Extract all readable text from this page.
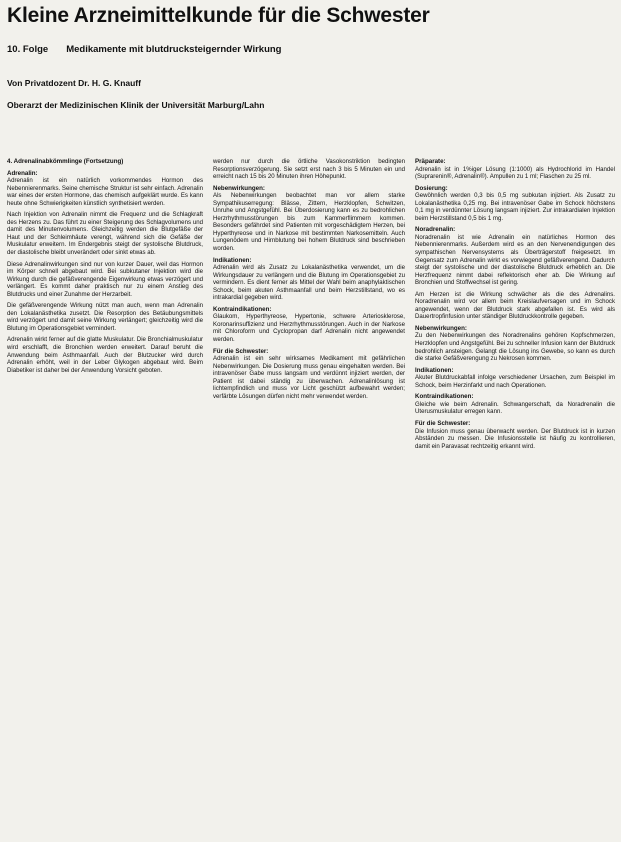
Kleine Arzneimittelkunde für die Schwester
10. Folge Medikamente mit blutdrucksteigernder Wirkung
Von Privatdozent Dr. H. G. Knauff
Oberarzt der Medizinischen Klinik der Universität Marburg/Lahn
4. Adrenalinabkömmlinge (Fortsetzung)
Adrenalin:

Adrenalin ist ein natürlich vorkommendes Hormon des Nebennierenmarks. Seine chemische Struktur ist sehr einfach. Adrenalin war eines der ersten Hormone, das chemisch aufgeklärt wurde. Es kann heute ohne Schwierigkeiten künstlich synthetisiert werden.

Nach Injektion von Adrenalin nimmt die Frequenz und die Schlagkraft des Herzens zu. Das führt zu einer Steigerung des Schlagvolumens und damit des Minutenvolumens. Gleichzeitig werden die Blutgefäße der Haut und der Schleimhäute verengt, während sich die Gefäße der Muskulatur erweitern. Im Endergebnis steigt der systolische Blutdruck, der diastolische bleibt unverändert oder sinkt etwas ab.

Diese Adrenalinwirkungen sind nur von kurzer Dauer, weil das Hormon im Körper schnell abgebaut wird. Bei subkutaner Injektion wird die Wirkung durch die gefäßverengende Eigenwirkung etwas verzögert und verlängert. Es kommt daher praktisch nur zu einem Anstieg des Blutdrucks und einer Zunahme der Herzarbeit.

Die gefäßverengende Wirkung nützt man auch, wenn man Adrenalin den Lokalanästhetika zusetzt. Die Resorption des Betäubungsmittels wird verzögert und damit seine Wirkung verlängert; gleichzeitig wird die Blutung im Operationsgebiet vermindert.

Adrenalin wirkt ferner auf die glatte Muskulatur. Die Bronchialmuskulatur wird erschlafft, die Bronchien werden erweitert. Darauf beruht die Anwendung beim Asthmaanfall. Auch der Blutzucker wird durch Adrenalin erhöht, weil in der Leber Glykogen abgebaut wird. Beim Diabetiker ist daher bei der Anwendung Vorsicht geboten.

werden nur durch die örtliche Vasokonstriktion bedingten Resorptionsverzögerung. Sie setzt erst nach 3 bis 5 Minuten ein und erreicht nach 15 bis 20 Minuten ihren Höhepunkt.

Nebenwirkungen:

Als Nebenwirkungen beobachtet man vor allem starke Sympathikuserregung: Blässe, Zittern, Herzklopfen, Schwitzen, Unruhe und Angstgefühl. Bei Überdosierung kann es zu bedrohlichen Herzrhythmusstörungen bis zum Kammerflimmern kommen. Besonders gefährdet sind Patienten mit vorgeschädigtem Herzen, bei Hyperthyreose und in Narkose mit bestimmten Narkosemitteln. Auch Lungenödem und Hirnblutung bei hohem Blutdruck sind beschrieben worden.

Indikationen:

Adrenalin wird als Zusatz zu Lokalanästhetika verwendet, um die Wirkungsdauer zu verlängern und die Blutung im Operationsgebiet zu vermindern. Es dient ferner als Mittel der Wahl beim anaphylaktischen Schock, beim akuten Asthmaanfall und beim Herzstillstand, wo es intrakardial gegeben wird.

Kontraindikationen:

Glaukom, Hyperthyreose, Hypertonie, schwere Arteriosklerose, Koronarinsuffizienz und Herzrhythmusstörungen. Auch in der Narkose mit Chloroform und Cyclopropan darf Adrenalin nicht angewendet werden.

Für die Schwester:

Adrenalin ist ein sehr wirksames Medikament mit gefährlichen Nebenwirkungen. Die Dosierung muss genau eingehalten werden. Bei intravenöser Gabe muss langsam und verdünnt injiziert werden, der Patient ist dabei ständig zu überwachen. Adrenalinlösung ist lichtempfindlich und muss vor Licht geschützt aufbewahrt werden; verfärbte Lösungen dürfen nicht mehr verwendet werden.

Präparate:

Adrenalin ist in 1%iger Lösung (1:1000) als Hydrochlorid im Handel (Suprarenin®, Adrenalin®). Ampullen zu 1 ml; Flaschen zu 25 ml.

Dosierung:

Gewöhnlich werden 0,3 bis 0,5 mg subkutan injiziert. Als Zusatz zu Lokalanästhetika 0,25 mg. Bei intravenöser Gabe im Schock höchstens 0,1 mg in verdünnter Lösung langsam injiziert. Zur intrakardialen Injektion beim Herzstillstand 0,5 bis 1 mg.

Noradrenalin:

Noradrenalin ist wie Adrenalin ein natürliches Hormon des Nebennierenmarks. Außerdem wird es an den Nervenendigungen des sympathischen Nervensystems als Überträgerstoff freigesetzt. Im Gegensatz zum Adrenalin wirkt es vorwiegend gefäßverengend. Dadurch steigt der systolische und der diastolische Blutdruck erheblich an. Die Herzfrequenz nimmt dabei reflektorisch eher ab. Die Wirkung auf Bronchien und Stoffwechsel ist gering.

Am Herzen ist die Wirkung schwächer als die des Adrenalins. Noradrenalin wird vor allem beim Kreislaufversagen und im Schock angewendet, wenn der Blutdruck stark abgefallen ist. Es wird als Dauertropfinfusion unter ständiger Blutdruckkontrolle gegeben.

Nebenwirkungen:

Zu den Nebenwirkungen des Noradrenalins gehören Kopfschmerzen, Herzklopfen und Angstgefühl. Bei zu schneller Infusion kann der Blutdruck bedrohlich ansteigen. Gelangt die Lösung ins Gewebe, so kann es durch die starke Gefäßverengung zu Nekrosen kommen.

Indikationen:

Akuter Blutdruckabfall infolge verschiedener Ursachen, zum Beispiel im Schock, beim Herzinfarkt und nach Operationen.

Kontraindikationen:

Gleiche wie beim Adrenalin. Schwangerschaft, da Noradrenalin die Uterusmuskulatur erregen kann.

Für die Schwester:

Die Infusion muss genau überwacht werden. Der Blutdruck ist in kurzen Abständen zu messen. Die Infusionsstelle ist häufig zu kontrollieren, damit ein Paravasat rechtzeitig erkannt wird.
